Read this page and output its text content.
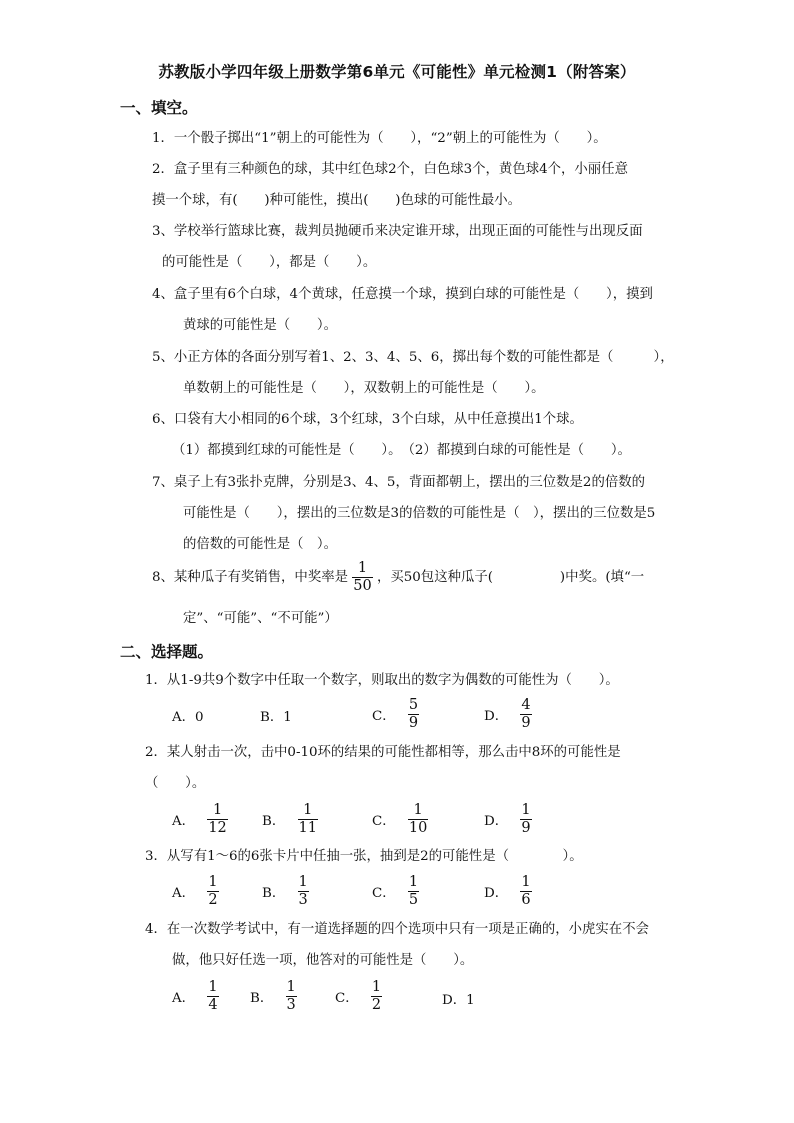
苏教版小学四年级上册数学第6单元《可能性》单元检测1（附答案）
一、填空。
1．一个骰子掷出“1”朝上的可能性为（　　），“2”朝上的可能性为（　　）。
2．盒子里有三种颜色的球，其中红色球2个，白色球3个，黄色球4个，小丽任意
摸一个球，有(　　)种可能性，摸出(　　)色球的可能性最小。
3、学校举行篮球比赛，裁判员抛硬币来决定谁开球，出现正面的可能性与出现反面
的可能性是（　　），都是（　　）。
4、盒子里有6个白球，4个黄球，任意摸一个球，摸到白球的可能性是（　　），摸到
黄球的可能性是（　　）。
5、小正方体的各面分别写着1、2、3、4、5、6，掷出每个数的可能性都是（　　　），
单数朝上的可能性是（　　），双数朝上的可能性是（　　）。
6、口袋有大小相同的6个球，3个红球，3个白球，从中任意摸出1个球。
（1）都摸到红球的可能性是（　　）。　（2）都摸到白球的可能性是（　　）。
7、桌子上有3张扑克牌，分别是3、4、5，背面都朝上，摆出的三位数是2的倍数的
可能性是（　　），摆出的三位数是3的倍数的可能性是（　），摆出的三位数是5
的倍数的可能性是（　）。
8、某种瓜子有奖销售，中奖率是 $\frac{1}{50}$ ，买50包这种瓜子(　　　　　)中奖。(填“一
定”、“可能”、“不可能”）
二、选择题。
1．从1-9共9个数字中任取一个数字，则取出的数字为偶数的可能性为（　　）。
A．0	B．1	C． $\frac{5}{9}$	D． $\frac{4}{9}$
2．某人射击一次，击中0-10环的结果的可能性都相等，那么击中8环的可能性是
（　　）。
A． $\frac{1}{12}$	B． $\frac{1}{11}$	C． $\frac{1}{10}$	D． $\frac{1}{9}$
3．从写有1～6的6张卡片中任抽一张，抽到是2的可能性是（　　　　）。
A． $\frac{1}{2}$	B． $\frac{1}{3}$	C． $\frac{1}{5}$	D． $\frac{1}{6}$
4．在一次数学考试中，有一道选择题的四个选项中只有一项是正确的，小虎实在不会
做，他只好任选一项，他答对的可能性是（　　）。
A． $\frac{1}{4}$ B． $\frac{1}{3}$	C． $\frac{1}{2}$	D．1
